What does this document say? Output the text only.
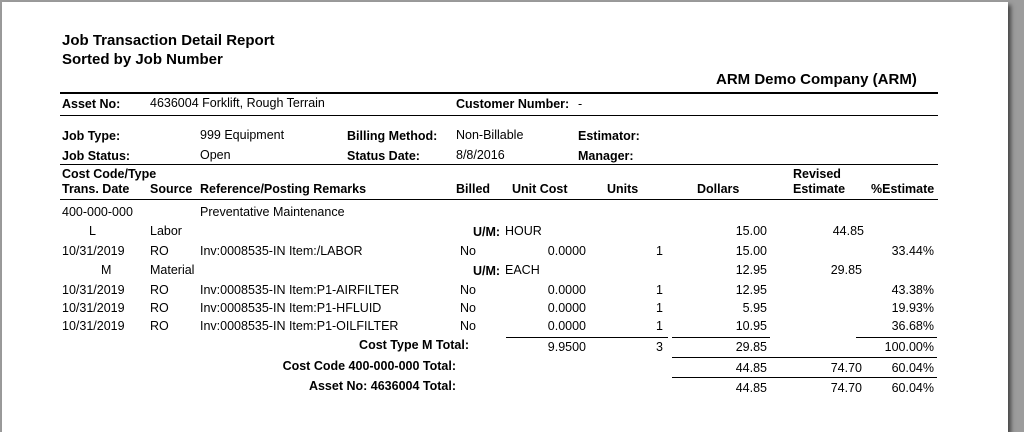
Job Transaction Detail Report
Sorted by Job Number
ARM Demo Company (ARM)
Asset No: 4636004 Forklift, Rough Terrain	Customer Number: -
Job Type:	999 Equipment	Billing Method: Non-Billable	Estimator:
Job Status:	Open	Status Date:	8/8/2016	Manager:
Cost Code/Type	Revised
Trans. Date Source Reference/Posting Remarks	Billed Unit Cost	Units	Dollars	Estimate %Estimate
400-000-000	Preventative Maintenance
L	Labor	U/M: HOUR	15.00	44.85
10/31/2019 RO	Inv:0008535-IN Item:/LABOR	No	0.0000	1	15.00	33.44%
M	Material	U/M: EACH	12.95	29.85
10/31/2019 RO	Inv:0008535-IN Item:P1-AIRFILTER	No	0.0000	1	12.95	43.38%
10/31/2019 RO	Inv:0008535-IN Item:P1-HFLUID	No	0.0000	1	5.95	19.93%
10/31/2019 RO	Inv:0008535-IN Item:P1-OILFILTER	No	0.0000	1	10.95	36.68%
Cost Type M Total:	9.9500	3	29.85	100.00%
Cost Code 400-000-000 Total:	44.85	74.70	60.04%
Asset No: 4636004 Total:	44.85	74.70	60.04%
